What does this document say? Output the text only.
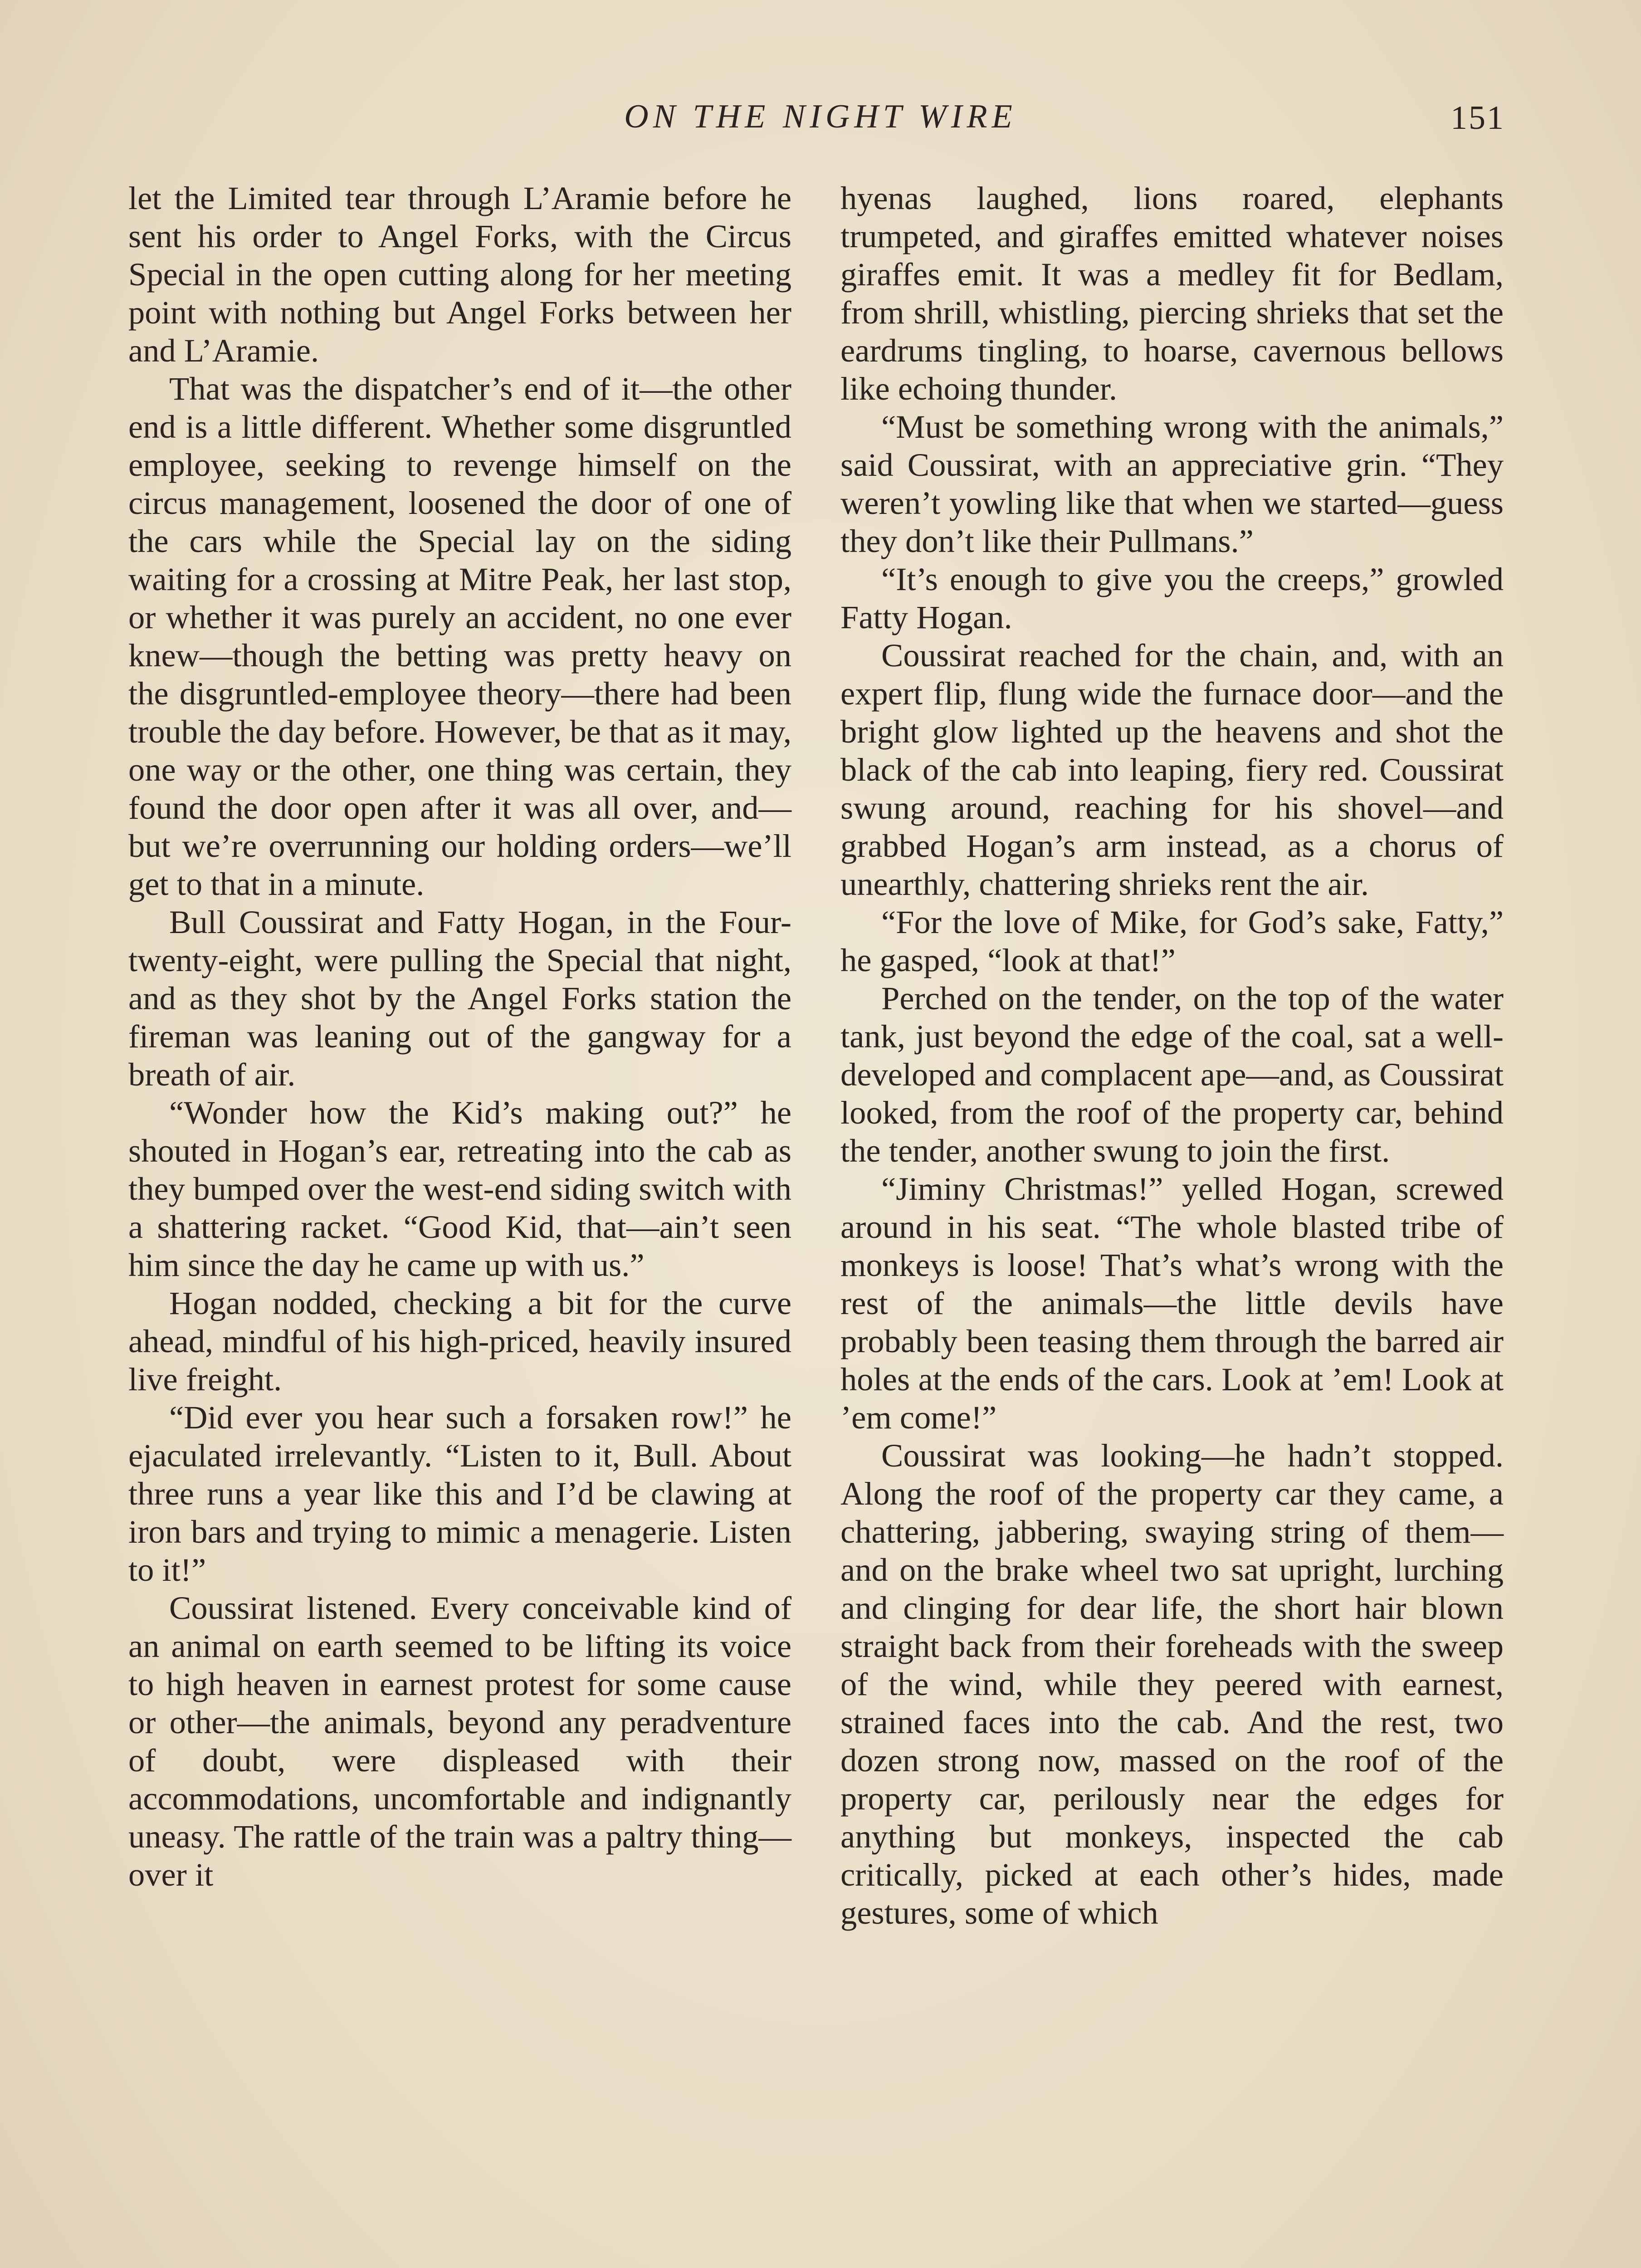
ON THE NIGHT WIRE	151

let the Limited tear through L’Aramie before he sent his order to Angel Forks, with the Circus Special in the open cutting along for her meeting point with nothing but Angel Forks between her and L’Aramie.

That was the dispatcher’s end of it—the other end is a little different. Whether some disgruntled employee, seeking to revenge himself on the circus management, loosened the door of one of the cars while the Special lay on the siding waiting for a crossing at Mitre Peak, her last stop, or whether it was purely an accident, no one ever knew—though the betting was pretty heavy on the disgruntled-employee theory—there had been trouble the day before. However, be that as it may, one way or the other, one thing was certain, they found the door open after it was all over, and—but we’re overrunning our holding orders—we’ll get to that in a minute.

Bull Coussirat and Fatty Hogan, in the Four-twenty-eight, were pulling the Special that night, and as they shot by the Angel Forks station the fireman was leaning out of the gangway for a breath of air.

“Wonder how the Kid’s making out?” he shouted in Hogan’s ear, retreating into the cab as they bumped over the west-end siding switch with a shattering racket. “Good Kid, that—ain’t seen him since the day he came up with us.”

Hogan nodded, checking a bit for the curve ahead, mindful of his high-priced, heavily insured live freight.

“Did ever you hear such a forsaken row!” he ejaculated irrelevantly. “Listen to it, Bull. About three runs a year like this and I’d be clawing at iron bars and trying to mimic a menagerie. Listen to it!”

Coussirat listened. Every conceivable kind of an animal on earth seemed to be lifting its voice to high heaven in earnest protest for some cause or other—the animals, beyond any peradventure of doubt, were displeased with their accommodations, uncomfortable and indignantly uneasy. The rattle of the train was a paltry thing—over it

hyenas laughed, lions roared, elephants trumpeted, and giraffes emitted whatever noises giraffes emit. It was a medley fit for Bedlam, from shrill, whistling, piercing shrieks that set the eardrums tingling, to hoarse, cavernous bellows like echoing thunder.

“Must be something wrong with the animals,” said Coussirat, with an appreciative grin. “They weren’t yowling like that when we started—guess they don’t like their Pullmans.”

“It’s enough to give you the creeps,” growled Fatty Hogan.

Coussirat reached for the chain, and, with an expert flip, flung wide the furnace door—and the bright glow lighted up the heavens and shot the black of the cab into leaping, fiery red. Coussirat swung around, reaching for his shovel—and grabbed Hogan’s arm instead, as a chorus of unearthly, chattering shrieks rent the air.

“For the love of Mike, for God’s sake, Fatty,” he gasped, “look at that!”

Perched on the tender, on the top of the water tank, just beyond the edge of the coal, sat a well-developed and complacent ape—and, as Coussirat looked, from the roof of the property car, behind the tender, another swung to join the first.

“Jiminy Christmas!” yelled Hogan, screwed around in his seat. “The whole blasted tribe of monkeys is loose! That’s what’s wrong with the rest of the animals—the little devils have probably been teasing them through the barred air holes at the ends of the cars. Look at ’em! Look at ’em come!”

Coussirat was looking—he hadn’t stopped. Along the roof of the property car they came, a chattering, jabbering, swaying string of them—and on the brake wheel two sat upright, lurching and clinging for dear life, the short hair blown straight back from their foreheads with the sweep of the wind, while they peered with earnest, strained faces into the cab. And the rest, two dozen strong now, massed on the roof of the property car, perilously near the edges for anything but monkeys, inspected the cab critically, picked at each other’s hides, made gestures, some of which
